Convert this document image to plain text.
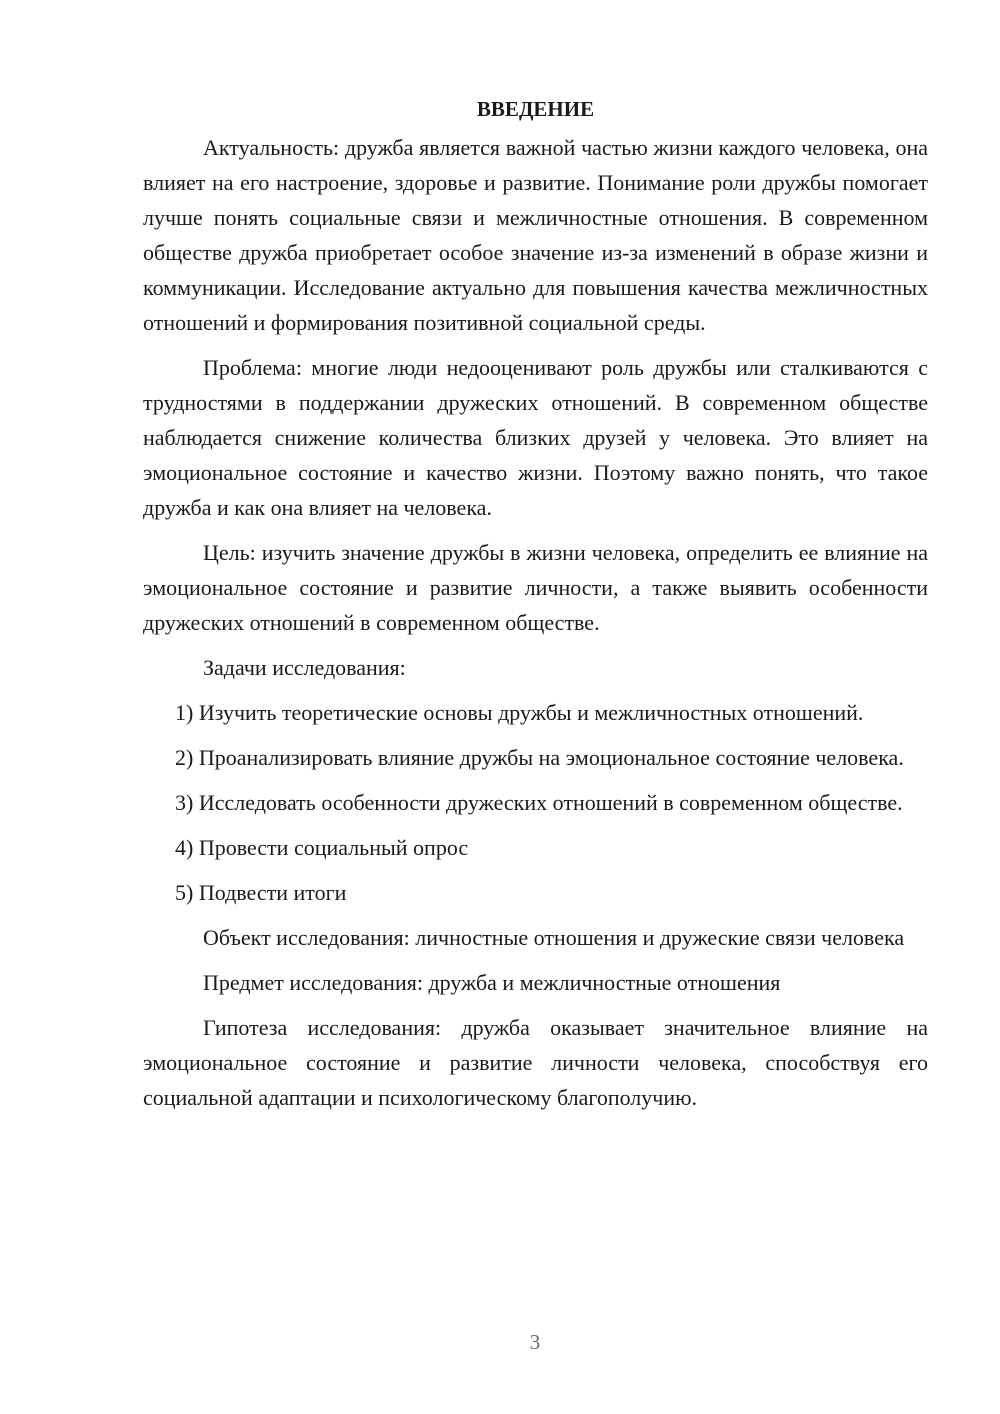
ВВЕДЕНИЕ

Актуальность: дружба является важной частью жизни каждого человека, она влияет на его настроение, здоровье и развитие. Понимание роли дружбы помогает лучше понять социальные связи и межличностные отношения. В современном обществе дружба приобретает особое значение из-за изменений в образе жизни и коммуникации. Исследование актуально для повышения качества межличностных отношений и формирования позитивной социальной среды.

Проблема: многие люди недооценивают роль дружбы или сталкиваются с трудностями в поддержании дружеских отношений. В современном обществе наблюдается снижение количества близких друзей у человека. Это влияет на эмоциональное состояние и качество жизни. Поэтому важно понять, что такое дружба и как она влияет на человека.

Цель: изучить значение дружбы в жизни человека, определить ее влияние на эмоциональное состояние и развитие личности, а также выявить особенности дружеских отношений в современном обществе.

Задачи исследования:

1) Изучить теоретические основы дружбы и межличностных отношений.

2) Проанализировать влияние дружбы на эмоциональное состояние человека.

3) Исследовать особенности дружеских отношений в современном обществе.

4) Провести социальный опрос

5) Подвести итоги

Объект исследования: личностные отношения и дружеские связи человека

Предмет исследования: дружба и межличностные отношения

Гипотеза исследования: дружба оказывает значительное влияние на эмоциональное состояние и развитие личности человека, способствуя его социальной адаптации и психологическому благополучию.

3
